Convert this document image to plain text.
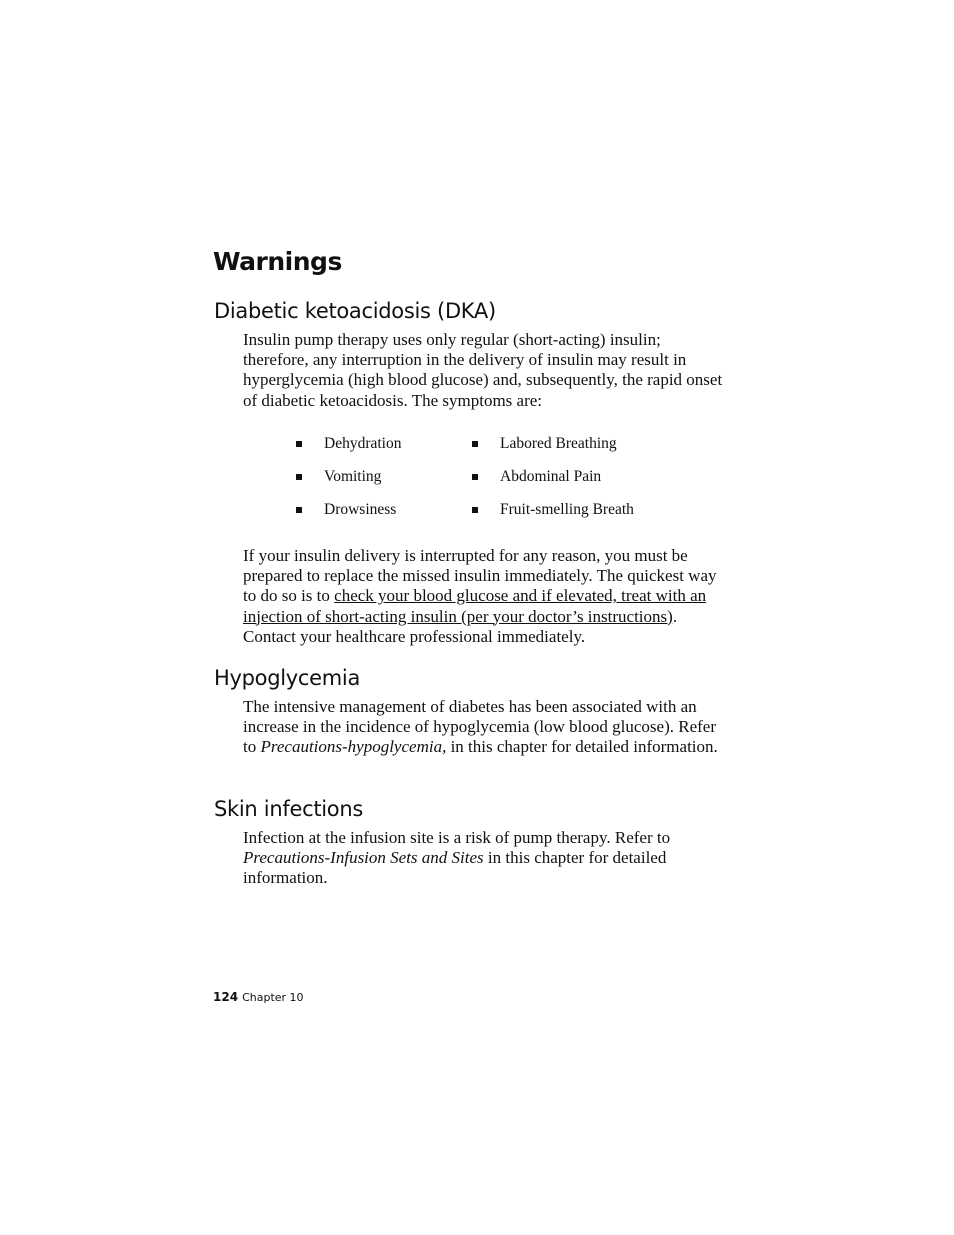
Warnings
Diabetic ketoacidosis (DKA)

Insulin pump therapy uses only regular (short-acting) insulin; therefore, any interruption in the delivery of insulin may result in hyperglycemia (high blood glucose) and, subsequently, the rapid onset of diabetic ketoacidosis. The symptoms are:

Dehydration
Vomiting
Drowsiness
Labored Breathing
Abdominal Pain
Fruit-smelling Breath

If your insulin delivery is interrupted for any reason, you must be prepared to replace the missed insulin immediately. The quickest way to do so is to check your blood glucose and if elevated, treat with an injection of short-acting insulin (per your doctor’s instructions). Contact your healthcare professional immediately.

Hypoglycemia

The intensive management of diabetes has been associated with an increase in the incidence of hypoglycemia (low blood glucose). Refer to Precautions-hypoglycemia, in this chapter for detailed information.

Skin infections

Infection at the infusion site is a risk of pump therapy. Refer to Precautions-Infusion Sets and Sites in this chapter for detailed information.

124 Chapter 10
